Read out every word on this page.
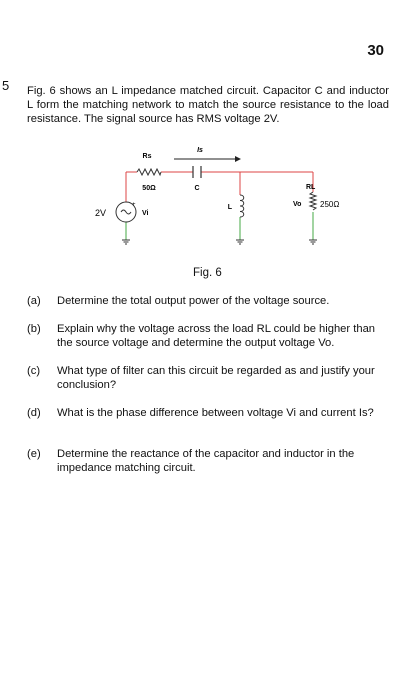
30
5 Fig. 6 shows an L impedance matched circuit. Capacitor C and inductor L form the matching network to match the source resistance to the load resistance. The signal source has RMS voltage 2V.
Rs
50Ω	C
Is
L
RL
250Ω
Vo
+
2V	Vi
Fig. 6
(a) Determine the total output power of the voltage source.
(b) Explain why the voltage across the load RL could be higher than the source voltage and determine the output voltage Vo.
(c) What type of filter can this circuit be regarded as and justify your conclusion?
(d) What is the phase difference between voltage Vi and current Is?
(e) Determine the reactance of the capacitor and inductor in the impedance matching circuit.
